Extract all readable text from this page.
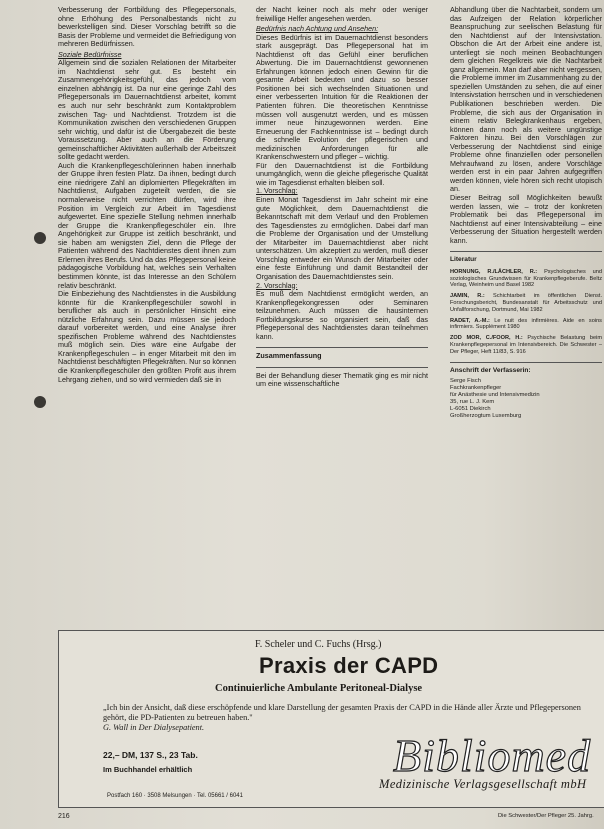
Verbesserung der Fortbildung des Pflegepersonals, ohne Erhöhung des Personalbestands nicht zu bewerkstelligen sind. Dieser Vorschlag betrifft so die Basis der Probleme und vermeidet die Befriedigung von mehreren Bedürfnissen.

Soziale Bedürfnisse

Allgemein sind die sozialen Relationen der Mitarbeiter im Nachtdienst sehr gut. Es besteht ein Zusammengehörigkeitsgefühl, das jedoch vom einzelnen abhängig ist. Da nur eine geringe Zahl des Pflegepersonals im Dauernachtdienst arbeitet, kommt es auch nur sehr beschränkt zum Kontaktproblem zwischen Tag- und Nachtdienst. Trotzdem ist die Kommunikation zwischen den verschiedenen Gruppen sehr wichtig, und dafür ist die Übergabezeit die beste Voraussetzung. Aber auch an die Förderung gemeinschaftlicher Aktivitäten außerhalb der Arbeitszeit sollte gedacht werden.

Auch die Krankenpflegeschülerinnen haben innerhalb der Gruppe ihren festen Platz. Da ihnen, bedingt durch eine niedrigere Zahl an diplomierten Pflegekräften im Nachtdienst, Aufgaben zugeteilt werden, die sie normalerweise nicht verrichten dürfen, wird ihre Position im Vergleich zur Arbeit im Tagesdienst aufgewertet. Eine spezielle Stellung nehmen innerhalb der Gruppe die Krankenpflegeschüler ein. Ihre Angehörigkeit zur Gruppe ist zeitlich beschränkt, und sie haben am wenigsten Ziel, denn die Pflege der Patienten während des Nachtdienstes dient ihnen zum Erlernen ihres Berufs. Und da das Pflegepersonal keine pädagogische Vorbildung hat, welches sein Verhalten bestimmen könnte, ist das Interesse an den Schülern relativ beschränkt.

Die Einbeziehung des Nachtdienstes in die Ausbildung könnte für die Krankenpflegeschüler sowohl in beruflicher als auch in persönlicher Hinsicht eine nützliche Erfahrung sein. Dazu müssen sie jedoch darauf vorbereitet werden, und eine Analyse ihrer spezifischen Probleme während des Nachtdienstes muß möglich sein. Dies wäre eine Aufgabe der Krankenpflegeschulen – in enger Mitarbeit mit den im Nachtdienst beschäftigten Pflegekräften. Nur so können die Krankenpflegeschüler den größten Profit aus ihrem Lehrgang ziehen, und so wird vermieden daß sie in

der Nacht keiner noch als mehr oder weniger freiwillige Helfer angesehen werden.

Bedürfnis nach Achtung und Ansehen:

Dieses Bedürfnis ist im Dauernachtdienst besonders stark ausgeprägt. Das Pflegepersonal hat im Nachtdienst oft das Gefühl einer beruflichen Abwertung. Die im Dauernachtdienst gewonnenen Erfahrungen können jedoch einen Gewinn für die gesamte Arbeit bedeuten und dazu so besser Positionen bei sich wechselnden Situationen und einer verbesserten Intuition für die Reaktionen der Patienten führen. Die theoretischen Kenntnisse müssen voll ausgenutzt werden, und es müssen immer neue hinzugewonnen werden. Eine Erneuerung der Fachkenntnisse ist – bedingt durch die schnelle Evolution der pflegerischen und medizinischen Anforderungen für alle Krankenschwestern und pfleger – wichtig.

Für den Dauernachtdienst ist die Fortbildung unumgänglich, wenn die gleiche pflegerische Qualität wie im Tagesdienst erhalten bleiben soll.

1. Vorschlag:

Einen Monat Tagesdienst im Jahr scheint mir eine gute Möglichkeit, dem Dauernachtdienst die Bekanntschaft mit dem Verlauf und den Problemen des Tagesdienstes zu ermöglichen. Dabei darf man die Probleme der Organisation und der Umstellung der Mitarbeiter im Dauernachtdienst aber nicht unterschätzen. Um akzeptiert zu werden, muß dieser Vorschlag entweder ein Wunsch der Mitarbeiter oder eine feste Einführung und damit Bestandteil der Organisation des Dauernachtdienstes sein.

2. Vorschlag:

Es muß dem Nachtdienst ermöglicht werden, an Krankenpflegekongressen oder Seminaren teilzunehmen. Auch müssen die hausinternen Fortbildungskurse so organisiert sein, daß das Pflegepersonal des Nachtdienstes daran teilnehmen kann.

Zusammenfassung

Bei der Behandlung dieser Thematik ging es mir nicht um eine wissenschaftliche

Abhandlung über die Nachtarbeit, sondern um das Aufzeigen der Relation körperlicher Beanspruchung zur seelischen Belastung für den Nachtdienst auf der Intensivstation. Obschon die Art der Arbeit eine andere ist, unterliegt sie noch meinen Beobachtungen dem gleichen Regelkreis wie die Nachtarbeit ganz allgemein. Man darf aber nicht vergessen, die Probleme immer im Zusammenhang zu der speziellen Umständen zu sehen, die auf einer Intensivstation herrschen und in verschiedenen Publikationen beschrieben werden. Die Probleme, die sich aus der Organisation in einem relativ Belegkrankenhaus ergeben, können dann noch als weitere ungünstige Faktoren hinzu. Bei den Vorschlägen zur Verbesserung der Nachtdienst sind einige Probleme ohne finanziellen oder personellen Mehraufwand zu lösen, andere Vorschläge werden erst in ein paar Jahren aufgegriffen werden können, viele hören sich recht utopisch an.

Dieser Beitrag soll Möglichkeiten bewußt werden lassen, wie – trotz der konkreten Problematik bei das Pflegepersonal im Nachtdienst auf einer Intensivabteilung – eine Verbesserung der Situation hergestellt werden kann.

Literatur

HORNUNG, R./LÄCHLER, R.: Psychologisches und soziologisches Grundwissen für Krankenpflegeberufe. Beltz Verlag, Weinheim und Basel 1982
JAMIN, R.: Schichtarbeit im öffentlichen Dienst. Forschungsbericht, Bundesanstalt für Arbeitsschutz und Unfallforschung, Dortmund, Mai 1982
RADET, A.-M.: Le nuit des infirmières. Aide en soins infirmiers. Supplément 1980
ZOD MOR, C./FOOR, H.: Psychische Belastung beim Krankenpflegepersonal im Intensivbereich. Die Schwester – Der Pfleger, Heft 11/83, S. 916

Anschrift der Verfasserin:

Serge Fisch
Fachkrankenpfleger
für Anästhesie und Intensivmedizin
35, rue L. J. Kem
L-6051 Diekirch
Großherzogtum Luxemburg
F. Scheler und C. Fuchs (Hrsg.)
Praxis der CAPD
Continuierliche Ambulante Peritoneal-Dialyse
„Ich bin der Ansicht, daß diese erschöpfende und klare Darstellung der gesamten Praxis der CAPD in die Hände aller Ärzte und Pflegepersonen gehört, die PD-Patienten zu betreuen haben."
G. Wall in Der Dialysepatient.
22,– DM, 137 S., 23 Tab.
Im Buchhandel erhältlich
Postfach 160 · 3508 Melsungen · Tel. 05661 / 6041
Bibliomed
Medizinische Verlagsgesellschaft mbH
216	Die Schwester/Der Pfleger 25. Jahrg.
